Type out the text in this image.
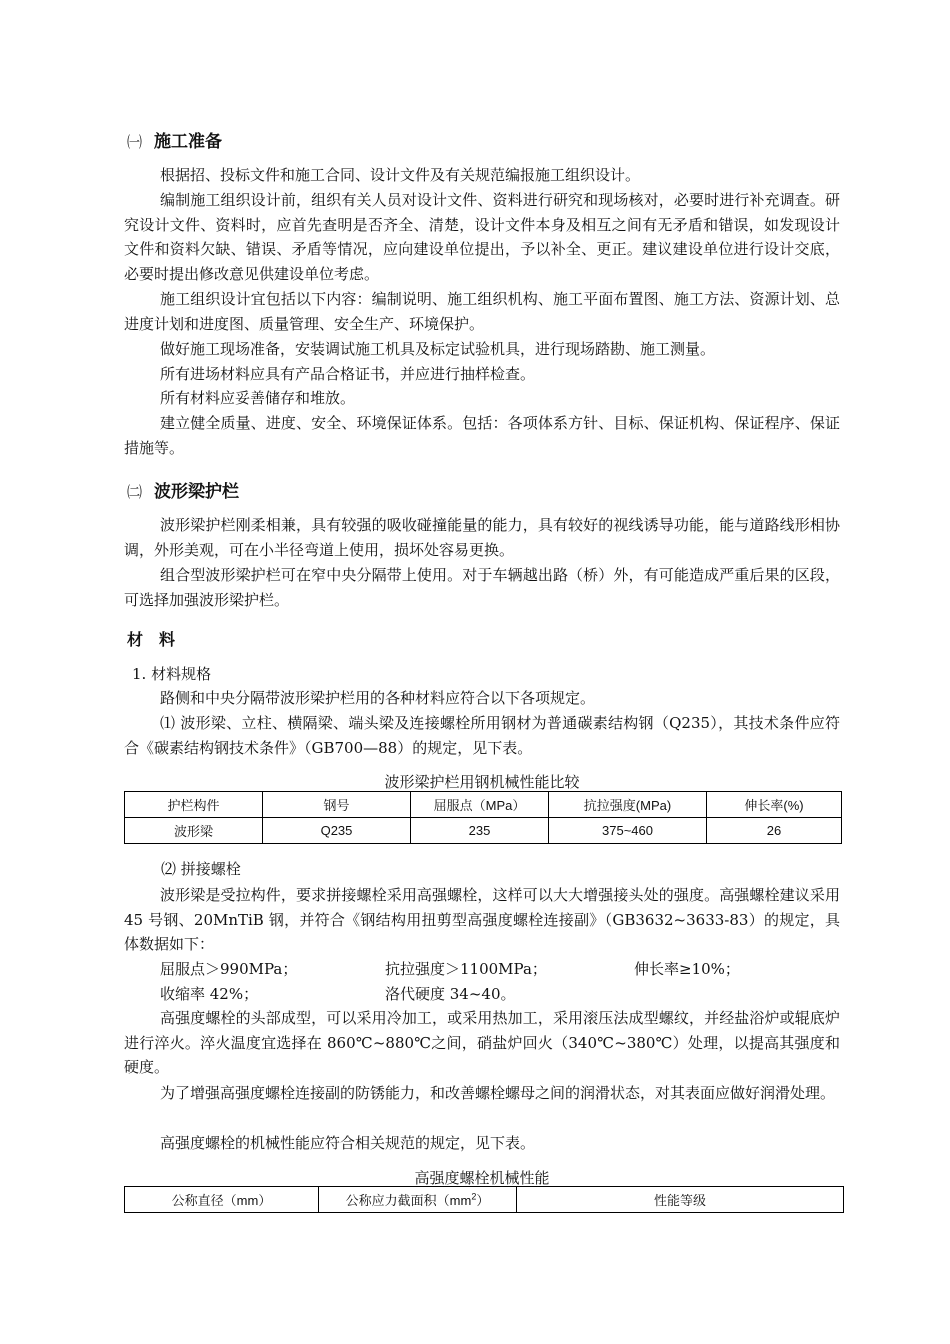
㈠ 施工准备

根据招、投标文件和施工合同、设计文件及有关规范编报施工组织设计。

编制施工组织设计前，组织有关人员对设计文件、资料进行研究和现场核对，必要时进行补充调查。研究设计文件、资料时，应首先查明是否齐全、清楚，设计文件本身及相互之间有无矛盾和错误，如发现设计文件和资料欠缺、错误、矛盾等情况，应向建设单位提出，予以补全、更正。建议建设单位进行设计交底，必要时提出修改意见供建设单位考虑。

施工组织设计宜包括以下内容：编制说明、施工组织机构、施工平面布置图、施工方法、资源计划、总进度计划和进度图、质量管理、安全生产、环境保护。

做好施工现场准备，安装调试施工机具及标定试验机具，进行现场踏勘、施工测量。

所有进场材料应具有产品合格证书，并应进行抽样检查。

所有材料应妥善储存和堆放。

建立健全质量、进度、安全、环境保证体系。包括：各项体系方针、目标、保证机构、保证程序、保证措施等。

㈡ 波形梁护栏

波形梁护栏刚柔相兼，具有较强的吸收碰撞能量的能力，具有较好的视线诱导功能，能与道路线形相协调，外形美观，可在小半径弯道上使用，损坏处容易更换。

组合型波形梁护栏可在窄中央分隔带上使用。对于车辆越出路（桥）外，有可能造成严重后果的区段，可选择加强波形梁护栏。

材　料

1. 材料规格

路侧和中央分隔带波形梁护栏用的各种材料应符合以下各项规定。

⑴ 波形梁、立柱、横隔梁、端头梁及连接螺栓所用钢材为普通碳素结构钢（Q235），其技术条件应符合《碳素结构钢技术条件》（GB700—88）的规定，见下表。

波形梁护栏用钢机械性能比较
护栏构件	钢号	屈服点（MPa）	抗拉强度(MPa)	伸长率(%)
波形梁	Q235	235	375~460	26

⑵ 拼接螺栓

波形梁是受拉构件，要求拼接螺栓采用高强螺栓，这样可以大大增强接头处的强度。高强螺栓建议采用 45 号钢、20MnTiB 钢，并符合《钢结构用扭剪型高强度螺栓连接副》（GB3632~3633-83）的规定，具体数据如下：

屈服点＞990MPa；	抗拉强度＞1100MPa；	伸长率≥10%；
收缩率 42%；	洛代硬度 34~40。

高强度螺栓的头部成型，可以采用冷加工，或采用热加工，采用滚压法成型螺纹，并经盐浴炉或辊底炉进行淬火。淬火温度宜选择在 860℃~880℃之间，硝盐炉回火（340℃~380℃）处理，以提高其强度和硬度。

为了增强高强度螺栓连接副的防锈能力，和改善螺栓螺母之间的润滑状态，对其表面应做好润滑处理。

高强度螺栓的机械性能应符合相关规范的规定，见下表。

高强度螺栓机械性能
公称直径（mm）	公称应力截面积$(mm^2)$	性能等级
